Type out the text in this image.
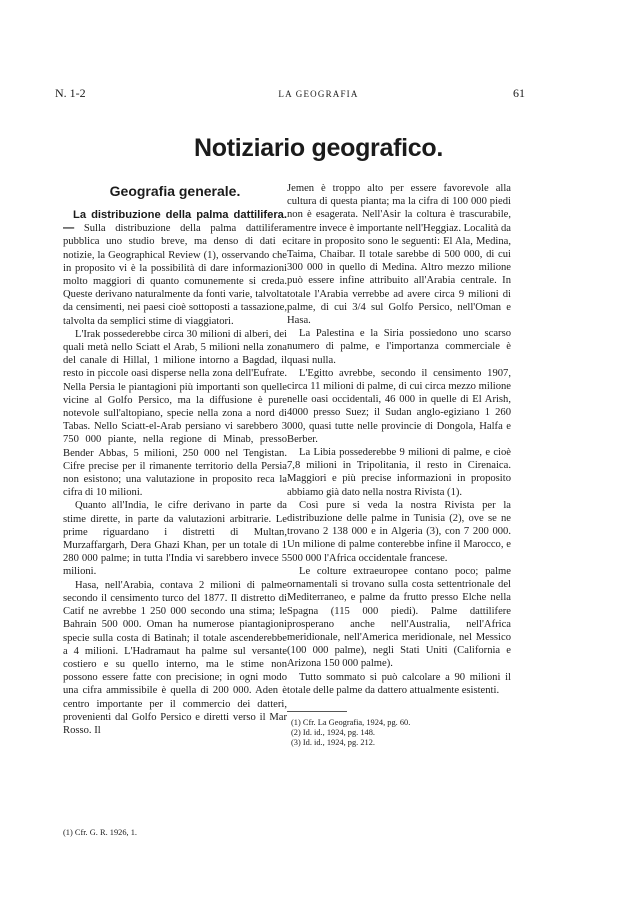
N. 1-2	LA GEOGRAFIA	61
Notiziario geografico.
Geografia generale.

La distribuzione della palma dattilifera. — Sulla distribuzione della palma dattilifera pubblica uno studio breve, ma denso di dati e notizie, la Geographical Review (1), osservando che in proposito vi è la possibilità di dare informazioni molto maggiori di quanto comunemente si creda. Queste derivano naturalmente da fonti varie, talvolta da censimenti, nei paesi cioè sottoposti a tassazione, talvolta da semplici stime di viaggiatori.

L'Irak possederebbe circa 30 milioni di alberi, dei quali metà nello Sciatt el Arab, 5 milioni nella zona del canale di Hillal, 1 milione intorno a Bagdad, il resto in piccole oasi disperse nella zona dell'Eufrate. Nella Persia le piantagioni più importanti son quelle vicine al Golfo Persico, ma la diffusione è pure notevole sull'altopiano, specie nella zona a nord di Tabas. Nello Sciatt-el-Arab persiano vi sarebbero 3 750 000 piante, nella regione di Minab, presso Bender Abbas, 5 milioni, 250 000 nel Tengistan. Cifre precise per il rimanente territorio della Persia non esistono; una valutazione in proposito reca la cifra di 10 milioni.

Quanto all'India, le cifre derivano in parte da stime dirette, in parte da valutazioni arbitrarie. Le prime riguardano i distretti di Multan, Murzaffargarh, Dera Ghazi Khan, per un totale di 1 280 000 palme; in tutta l'India vi sarebbero invece 5 milioni.

Hasa, nell'Arabia, contava 2 milioni di palme secondo il censimento turco del 1877. Il distretto di Catif ne avrebbe 1 250 000 secondo una stima; le Bahrain 500 000. Oman ha numerose piantagioni specie sulla costa di Batinah; il totale ascenderebbe a 4 milioni. L'Hadramaut ha palme sul versante costiero e su quello interno, ma le stime non possono essere fatte con precisione; in ogni modo una cifra ammissibile è quella di 200 000. Aden è centro importante per il commercio dei datteri, provenienti dal Golfo Persico e diretti verso il Mar Rosso. Il

(1) Cfr. G. R. 1926, 1.

Jemen è troppo alto per essere favorevole alla cultura di questa pianta; ma la cifra di 100 000 piedi non è esagerata. Nell'Asir la coltura è trascurabile, mentre invece è importante nell'Heggiaz. Località da citare in proposito sono le seguenti: El Ala, Medina, Taima, Chaibar. Il totale sarebbe di 500 000, di cui 300 000 in quello di Medina. Altro mezzo milione può essere infine attribuito all'Arabia centrale. In totale l'Arabia verrebbe ad avere circa 9 milioni di palme, di cui 3/4 sul Golfo Persico, nell'Oman e Hasa.

La Palestina e la Siria possiedono uno scarso numero di palme, e l'importanza commerciale è quasi nulla.

L'Egitto avrebbe, secondo il censimento 1907, circa 11 milioni di palme, di cui circa mezzo milione nelle oasi occidentali, 46 000 in quelle di El Arish, 4000 presso Suez; il Sudan anglo-egiziano 1 260 000, quasi tutte nelle provincie di Dongola, Halfa e Berber.

La Libia possederebbe 9 milioni di palme, e cioè 7,8 milioni in Tripolitania, il resto in Cirenaica. Maggiori e più precise informazioni in proposito abbiamo già dato nella nostra Rivista (1).

Così pure si veda la nostra Rivista per la distribuzione delle palme in Tunisia (2), ove se ne trovano 2 138 000 e in Algeria (3), con 7 200 000. Un milione di palme conterebbe infine il Marocco, e 500 000 l'Africa occidentale francese.

Le colture extraeuropee contano poco; palme ornamentali si trovano sulla costa settentrionale del Mediterraneo, e palme da frutto presso Elche nella Spagna (115 000 piedi). Palme dattilifere prosperano anche nell'Australia, nell'Africa meridionale, nell'America meridionale, nel Messico (100 000 palme), negli Stati Uniti (California e Arizona 150 000 palme).

Tutto sommato si può calcolare a 90 milioni il totale delle palme da dattero attualmente esistenti.

(1) Cfr. La Geografia, 1924, pg. 60.
(2) Id. id., 1924, pg. 148.
(3) Id. id., 1924, pg. 212.
